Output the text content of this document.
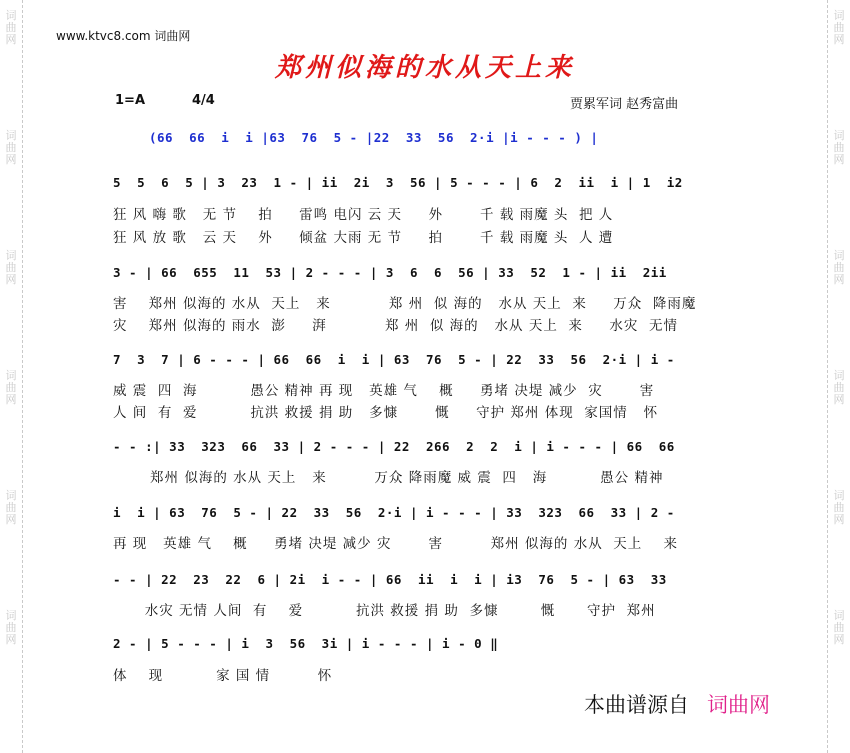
词
曲
网
词
曲
网
词
曲
网
词
曲
网
词
曲
网
词
曲
网
词
曲
网
词
曲
网
词
曲
网
词
曲
网
词
曲
网
词
曲
网
www.ktvc8.com 词曲网
郑州似海的水从天上来
1=A	4/4	贾累军词 赵秀富曲
(66  66  i  i |63  76  5 - |22  33  56  2·i |i - - - ) |
5  5  6  5 | 3  23  1 - | ii  2i  3  56 | 5 - - - | 6  2  ii  i | 1  i2
狂 风 嗨 歌   无 节    拍     雷鸣 电闪 云 天     外       千 载 雨魔 头  把 人
狂 风 放 歌   云 天    外     倾盆 大雨 无 节     拍       千 载 雨魔 头  人 遭
3 - | 66  655  11  53 | 2 - - - | 3  6  6  56 | 33  52  1 - | ii  2ii
害    郑州 似海的 水从  天上   来           郑 州  似 海的   水从 天上  来     万众  降雨魔
灾    郑州 似海的 雨水  澎     湃           郑 州  似 海的   水从 天上  来     水灾  无情
7  3  7 | 6 - - - | 66  66  i  i | 63  76  5 - | 22  33  56  2·i | i -
威 震  四  海          愚公 精神 再 现   英雄 气    概     勇堵 决堤 减少  灾       害
人 间  有  爱          抗洪 救援 捐 助   多慷       慨     守护 郑州 体现  家国情   怀
- - :| 33  323  66  33 | 2 - - - | 22  266  2  2  i | i - - - | 66  66
郑州 似海的 水从 天上   来         万众 降雨魔 威 震  四   海          愚公 精神
i  i | 63  76  5 - | 22  33  56  2·i | i - - - | 33  323  66  33 | 2 -
再 现   英雄 气    概     勇堵 决堤 减少 灾       害         郑州 似海的 水从  天上    来
- - | 22  23  22  6 | 2i  i - - | 66  ii  i  i | i3  76  5 - | 63  33
水灾 无情 人间  有    爱          抗洪 救援 捐 助  多慷        慨      守护  郑州
2 - | 5 - - - | i  3  56  3i | i - - - | i - 0 ‖
体    现          家 国 情         怀
本曲谱源自 词曲网
